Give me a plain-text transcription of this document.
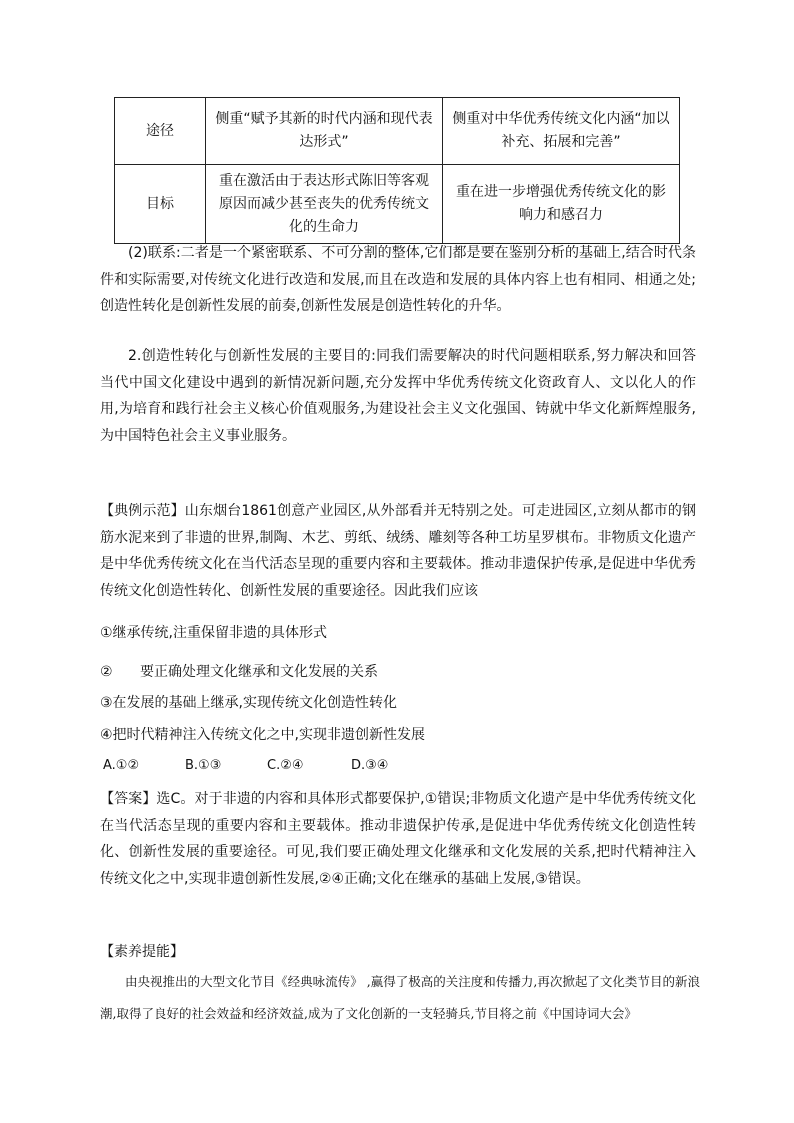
途径	侧重“赋予其新的时代内涵和现代表达形式”	侧重对中华优秀传统文化内涵“加以补充、拓展和完善”
目标	重在激活由于表达形式陈旧等客观原因而减少甚至丧失的优秀传统文化的生命力	重在进一步增强优秀传统文化的影响力和感召力
(2)联系:二者是一个紧密联系、不可分割的整体,它们都是要在鉴别分析的基础上,结合时代条件和实际需要,对传统文化进行改造和发展,而且在改造和发展的具体内容上也有相同、相通之处;创造性转化是创新性发展的前奏,创新性发展是创造性转化的升华。
2.创造性转化与创新性发展的主要目的:同我们需要解决的时代问题相联系,努力解决和回答当代中国文化建设中遇到的新情况新问题,充分发挥中华优秀传统文化资政育人、文以化人的作用,为培育和践行社会主义核心价值观服务,为建设社会主义文化强国、铸就中华文化新辉煌服务,为中国特色社会主义事业服务。
【典例示范】山东烟台1861创意产业园区,从外部看并无特别之处。可走进园区,立刻从都市的钢筋水泥来到了非遗的世界,制陶、木艺、剪纸、绒绣、雕刻等各种工坊星罗棋布。非物质文化遗产是中华优秀传统文化在当代活态呈现的重要内容和主要载体。推动非遗保护传承,是促进中华优秀传统文化创造性转化、创新性发展的重要途径。因此我们应该
①继承传统,注重保留非遗的具体形式
② 要正确处理文化继承和文化发展的关系
③在发展的基础上继承,实现传统文化创造性转化
④把时代精神注入传统文化之中,实现非遗创新性发展
A.①②	B.①③	C.②④	D.③④
【答案】选C。对于非遗的内容和具体形式都要保护,①错误;非物质文化遗产是中华优秀传统文化在当代活态呈现的重要内容和主要载体。推动非遗保护传承,是促进中华优秀传统文化创造性转化、创新性发展的重要途径。可见,我们要正确处理文化继承和文化发展的关系,把时代精神注入传统文化之中,实现非遗创新性发展,②④正确;文化在继承的基础上发展,③错误。
【素养提能】
由央视推出的大型文化节目《经典咏流传》 ,赢得了极高的关注度和传播力,再次掀起了文化类节目的新浪潮,取得了良好的社会效益和经济效益,成为了文化创新的一支轻骑兵,节目将之前《中国诗词大会》
